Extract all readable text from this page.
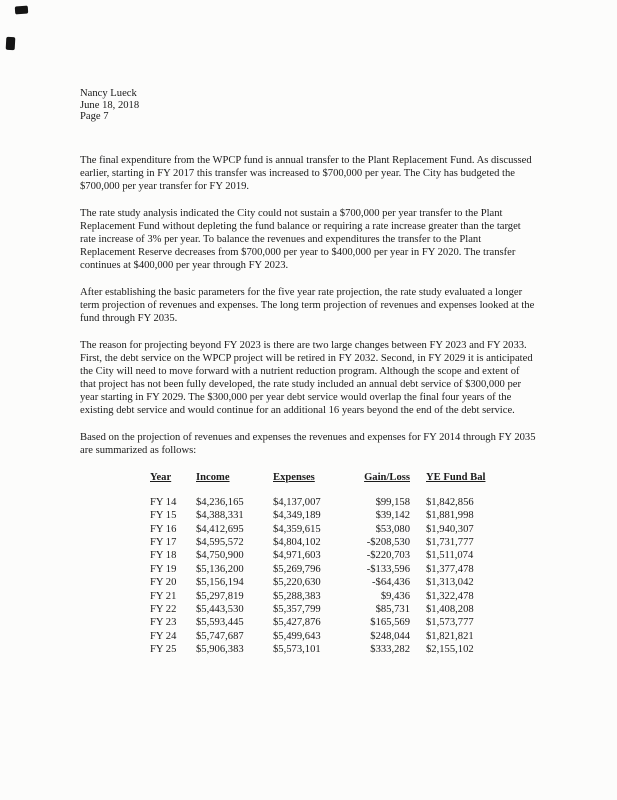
Nancy Lueck
June 18, 2018
Page 7

The final expenditure from the WPCP fund is annual transfer to the Plant Replacement Fund. As discussed earlier, starting in FY 2017 this transfer was increased to $700,000 per year. The City has budgeted the $700,000 per year transfer for FY 2019.

The rate study analysis indicated the City could not sustain a $700,000 per year transfer to the Plant Replacement Fund without depleting the fund balance or requiring a rate increase greater than the target rate increase of 3% per year. To balance the revenues and expenditures the transfer to the Plant Replacement Reserve decreases from $700,000 per year to $400,000 per year in FY 2020. The transfer continues at $400,000 per year through FY 2023.

After establishing the basic parameters for the five year rate projection, the rate study evaluated a longer term projection of revenues and expenses. The long term projection of revenues and expenses looked at the fund through FY 2035.

The reason for projecting beyond FY 2023 is there are two large changes between FY 2023 and FY 2033. First, the debt service on the WPCP project will be retired in FY 2032. Second, in FY 2029 it is anticipated the City will need to move forward with a nutrient reduction program. Although the scope and extent of that project has not been fully developed, the rate study included an annual debt service of $300,000 per year starting in FY 2029. The $300,000 per year debt service would overlap the final four years of the existing debt service and would continue for an additional 16 years beyond the end of the debt service.

Based on the projection of revenues and expenses the revenues and expenses for FY 2014 through FY 2035 are summarized as follows:

Year	Income	Expenses	Gain/Loss	YE Fund Bal
FY 14	$4,236,165	$4,137,007	$99,158	$1,842,856
FY 15	$4,388,331	$4,349,189	$39,142	$1,881,998
FY 16	$4,412,695	$4,359,615	$53,080	$1,940,307
FY 17	$4,595,572	$4,804,102	-$208,530	$1,731,777
FY 18	$4,750,900	$4,971,603	-$220,703	$1,511,074
FY 19	$5,136,200	$5,269,796	-$133,596	$1,377,478
FY 20	$5,156,194	$5,220,630	-$64,436	$1,313,042
FY 21	$5,297,819	$5,288,383	$9,436	$1,322,478
FY 22	$5,443,530	$5,357,799	$85,731	$1,408,208
FY 23	$5,593,445	$5,427,876	$165,569	$1,573,777
FY 24	$5,747,687	$5,499,643	$248,044	$1,821,821
FY 25	$5,906,383	$5,573,101	$333,282	$2,155,102
